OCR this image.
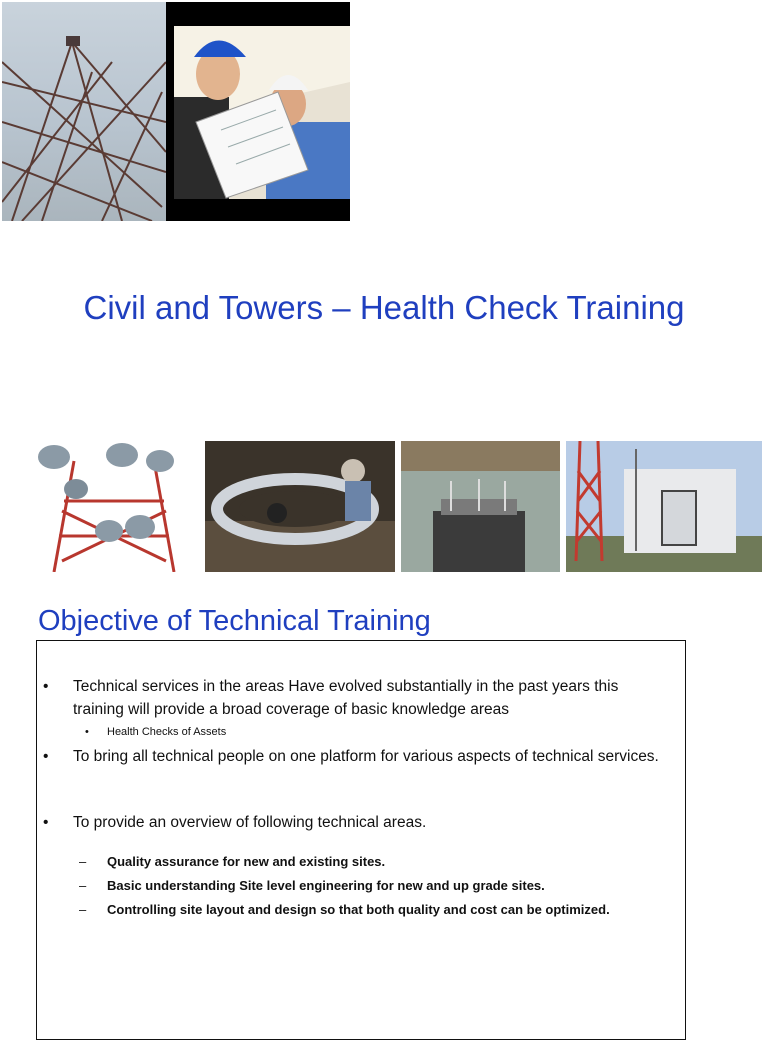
Civil and Towers – Health Check Training
Objective of Technical Training
• Technical services in the areas Have evolved substantially in the past years this training will provide a broad coverage of basic knowledge areas
• Health Checks of Assets
• To bring all technical people on one platform for various aspects of technical services.
• To provide an overview of following technical areas.
– Quality assurance for new and existing sites.
– Basic understanding Site level engineering for new and up grade sites.
– Controlling site layout and design so that both quality and cost can be optimized.
